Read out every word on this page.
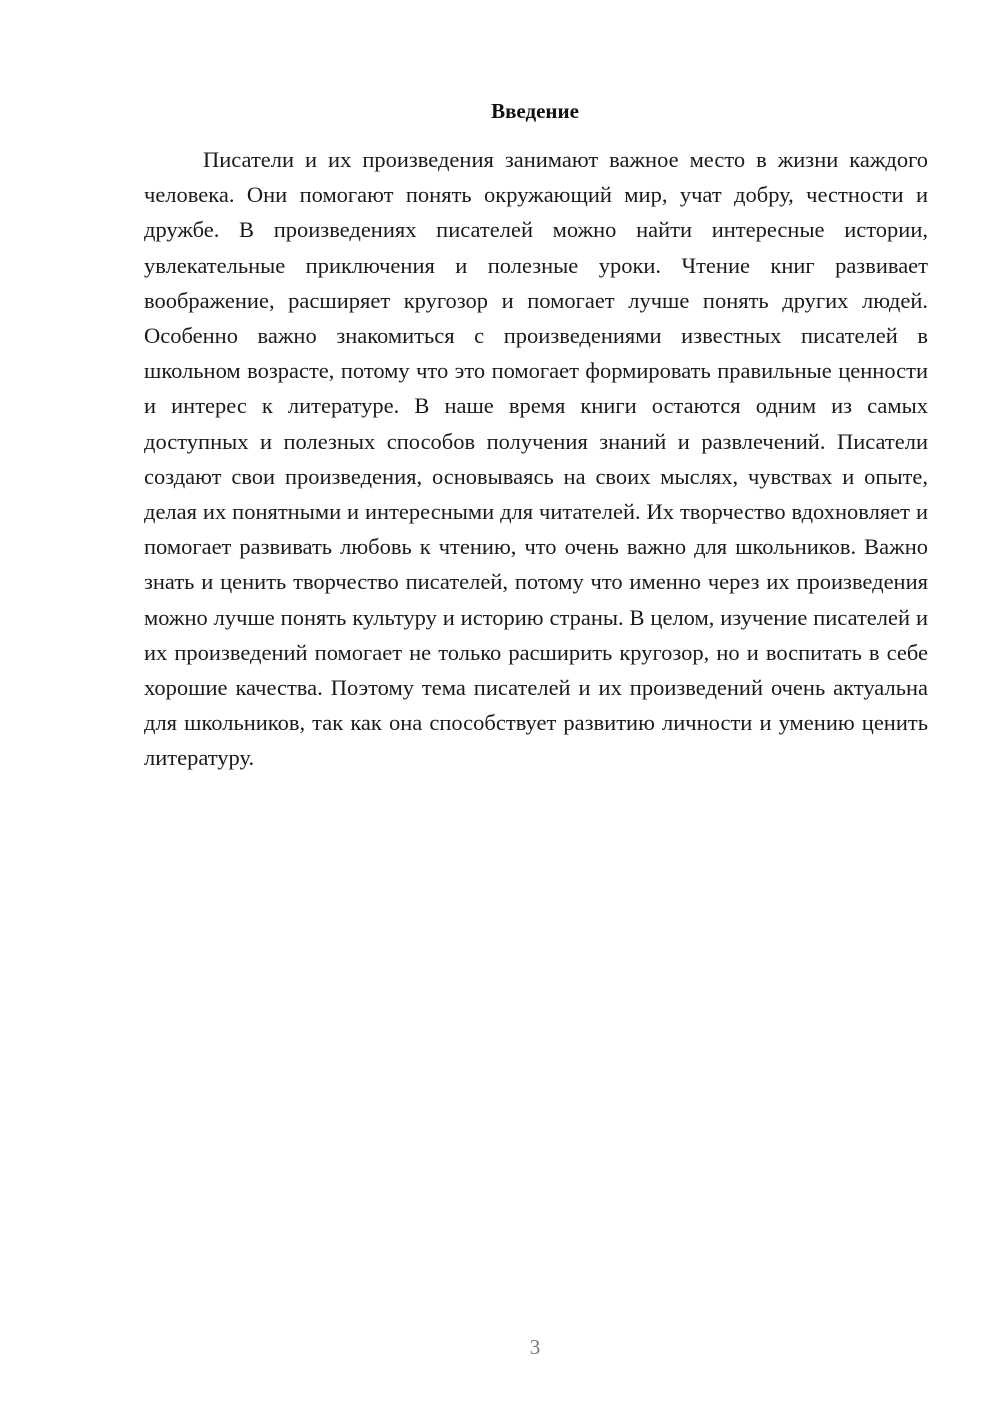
Введение

Писатели и их произведения занимают важное место в жизни каждого человека. Они помогают понять окружающий мир, учат добру, честности и дружбе. В произведениях писателей можно найти интересные истории, увлекательные приключения и полезные уроки. Чтение книг развивает воображение, расширяет кругозор и помогает лучше понять других людей. Особенно важно знакомиться с произведениями известных писателей в школьном возрасте, потому что это помогает формировать правильные ценности и интерес к литературе. В наше время книги остаются одним из самых доступных и полезных способов получения знаний и развлечений. Писатели создают свои произведения, основываясь на своих мыслях, чувствах и опыте, делая их понятными и интересными для читателей. Их творчество вдохновляет и помогает развивать любовь к чтению, что очень важно для школьников. Важно знать и ценить творчество писателей, потому что именно через их произведения можно лучше понять культуру и историю страны. В целом, изучение писателей и их произведений помогает не только расширить кругозор, но и воспитать в себе хорошие качества. Поэтому тема писателей и их произведений очень актуальна для школьников, так как она способствует развитию личности и умению ценить литературу.

3
